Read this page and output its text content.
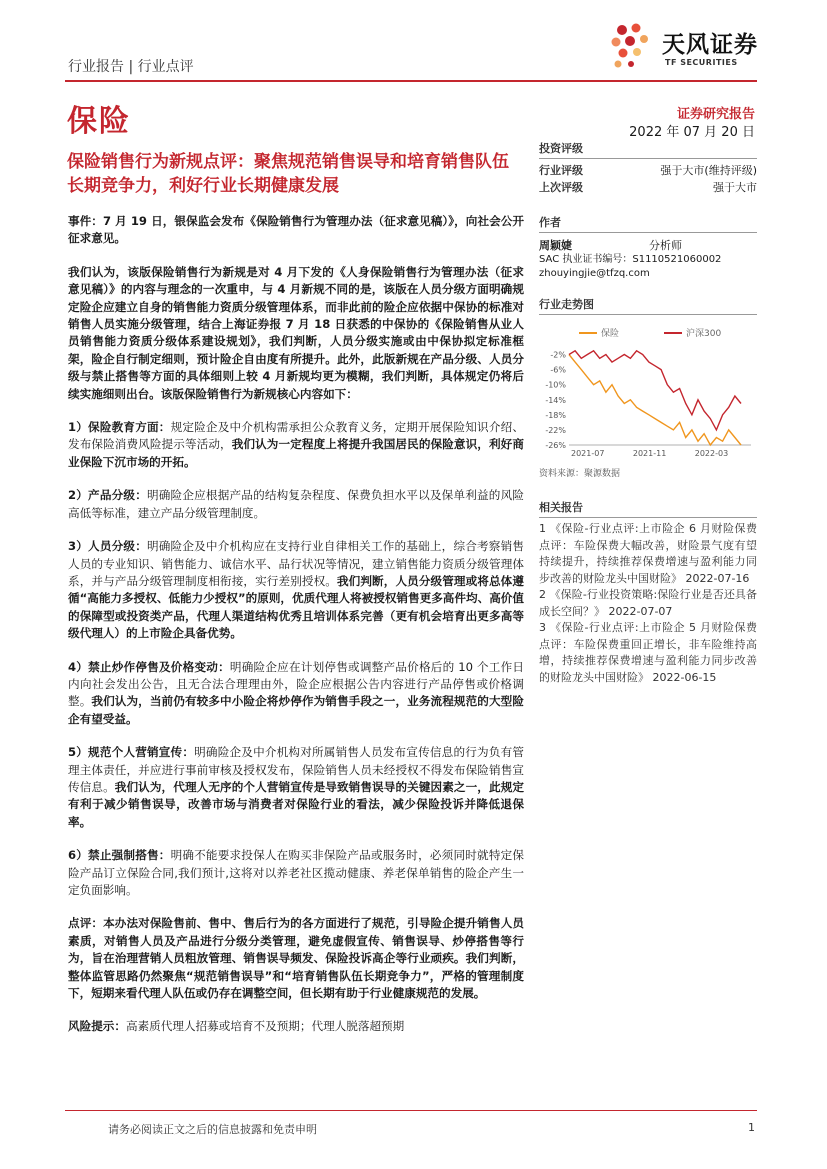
天风证券
TF SECURITIES
行业报告 | 行业点评
保险	证券研究报告
2022 年 07 月 20 日
保险销售行为新规点评：聚焦规范销售误导和培育销售队伍长期竞争力，利好行业长期健康发展

事件：7 月 19 日，银保监会发布《保险销售行为管理办法（征求意见稿）》，向社会公开征求意见。

我们认为，该版保险销售行为新规是对 4 月下发的《人身保险销售行为管理办法（征求意见稿）》的内容与理念的一次重申，与 4 月新规不同的是，该版在人员分级方面明确规定险企应建立自身的销售能力资质分级管理体系，而非此前的险企应依据中保协的标准对销售人员实施分级管理，结合上海证券报 7 月 18 日获悉的中保协的《保险销售从业人员销售能力资质分级体系建设规划》，我们判断，人员分级实施或由中保协拟定标准框架，险企自行制定细则，预计险企自由度有所提升。此外，此版新规在产品分级、人员分级与禁止搭售等方面的具体细则上较 4 月新规均更为模糊，我们判断，具体规定仍将后续实施细则出台。该版保险销售行为新规核心内容如下：

1）保险教育方面：规定险企及中介机构需承担公众教育义务，定期开展保险知识介绍、发布保险消费风险提示等活动，我们认为一定程度上将提升我国居民的保险意识，利好商业保险下沉市场的开拓。

2）产品分级：明确险企应根据产品的结构复杂程度、保费负担水平以及保单利益的风险高低等标准，建立产品分级管理制度。

3）人员分级：明确险企及中介机构应在支持行业自律相关工作的基础上，综合考察销售人员的专业知识、销售能力、诚信水平、品行状况等情况，建立销售能力资质分级管理体系，并与产品分级管理制度相衔接，实行差别授权。我们判断，人员分级管理或将总体遵循“高能力多授权、低能力少授权”的原则，优质代理人将被授权销售更多高件均、高价值的保障型或投资类产品，代理人渠道结构优秀且培训体系完善（更有机会培育出更多高等级代理人）的上市险企具备优势。

4）禁止炒作停售及价格变动：明确险企应在计划停售或调整产品价格后的 10 个工作日内向社会发出公告，且无合法合理理由外，险企应根据公告内容进行产品停售或价格调整。我们认为，当前仍有较多中小险企将炒停作为销售手段之一，业务流程规范的大型险企有望受益。

5）规范个人营销宣传：明确险企及中介机构对所属销售人员发布宣传信息的行为负有管理主体责任，并应进行事前审核及授权发布，保险销售人员未经授权不得发布保险销售宣传信息。我们认为，代理人无序的个人营销宣传是导致销售误导的关键因素之一，此规定有利于减少销售误导，改善市场与消费者对保险行业的看法，减少保险投诉并降低退保率。

6）禁止强制搭售：明确不能要求投保人在购买非保险产品或服务时，必须同时就特定保险产品订立保险合同,我们预计,这将对以养老社区揽动健康、养老保单销售的险企产生一定负面影响。

点评：本办法对保险售前、售中、售后行为的各方面进行了规范，引导险企提升销售人员素质，对销售人员及产品进行分级分类管理，避免虚假宣传、销售误导、炒停搭售等行为，旨在治理营销人员粗放管理、销售误导频发、保险投诉高企等行业顽疾。我们判断，整体监管思路仍然聚焦“规范销售误导”和“培育销售队伍长期竞争力”，严格的管理制度下，短期来看代理人队伍或仍存在调整空间，但长期有助于行业健康规范的发展。

风险提示：高素质代理人招募或培育不及预期；代理人脱落超预期

投资评级
行业评级	强于大市(维持评级)
上次评级	强于大市
作者
周颖婕	分析师
SAC 执业证书编号：S1110521060002
zhouyingjie@tfzq.com
行业走势图
保险	沪深300
-2%
-6%
-10%
-14%
-18%
-22%
-26%
2021-07	2021-11	2022-03
资料来源：聚源数据
相关报告

1 《保险-行业点评:上市险企 6 月财险保费点评：车险保费大幅改善，财险景气度有望持续提升，持续推荐保费增速与盈利能力同步改善的财险龙头中国财险》 2022-07-16

2 《保险-行业投资策略:保险行业是否还具备成长空间？》 2022-07-07

3 《保险-行业点评:上市险企 5 月财险保费点评：车险保费重回正增长，非车险维持高增，持续推荐保费增速与盈利能力同步改善的财险龙头中国财险》 2022-06-15

请务必阅读正文之后的信息披露和免责申明	1
